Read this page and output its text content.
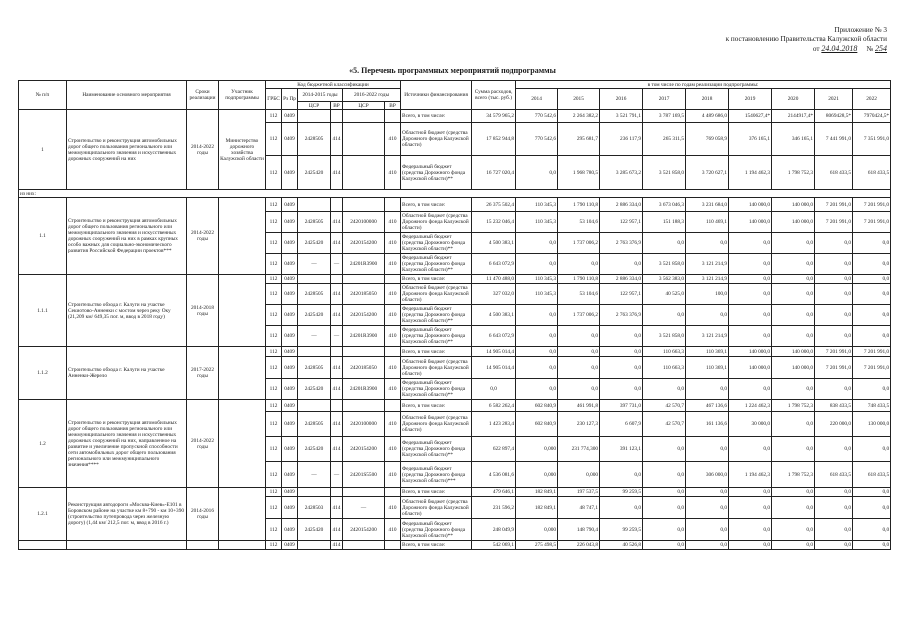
Приложение № 3
к постановлению Правительства Калужской области
от 24.04.2018 № 254
«5. Перечень программных мероприятий подпрограммы
№ п/п	Наименование основного мероприятия	Сроки реализации	Участник подпрограммы	Код бюджетной классификации						Источники финансирования	Сумма расходов, всего (тыс. руб.)	в том числе по годам реализации подпрограммы:								
				ГРБС	Рз Пр	2014-2015 годы		2016-2022 годы				2014	2015	2016	2017	2018	2019	2020	2021	2022
						ЦСР	ВР	ЦСР	ВР											
1	Строительство и реконструкция автомобильных дорог общего пользования регионального или межмуниципального значения и искусственных дорожных сооружений на них	2014-2022 годы	Министерство дорожного хозяйства Калужской области	112	0409					Всего, в том числе:	34 579 965,2	770 542,6	2 264 382,2	3 521 791,1	3 787 169,5	4 489 686,0	1540627,4*	2144917,4*	8069428,5*	7970424,5*
				112	0409	2428505	414		410	Областной бюджет (средства Дорожного фонда Калужской области)	17 852 944,8	770 542,6	295 681,7	236 117,9	265 311,5	769 058,9	376 165,1	346 165,1	7 441 991,0	7 351 991,0
				112	0409	2425420	414		410	Федеральный бюджет (средства Дорожного фонда Калужской области)**	16 727 020,4	0,0	1 968 780,5	3 285 673,2	3 521 858,0	3 720 627,1	1 194 462,3	1 798 752,3	618 433,5	618 433,5
из них:																				
1.1	Строительство и реконструкция автомобильных дорог общего пользования регионального или межмуниципального значения и искусственных дорожных сооружений на них в рамках крупных особо важных для социально-экономического развития Российской Федерации проектов***	2014-2022 годы		112	0409					Всего, в том числе:	26 375 502,4	110 345,3	1 790 110,8	2 886 334,0	3 673 046,3	3 231 684,0	140 000,0	140 000,0	7 201 991,0	7 201 991,0
				112	0409	2428505	414	2420100000	410	Областной бюджет (средства Дорожного фонда Калужской области)	15 232 046,4	110 345,3	53 104,6	122 957,1	151 188,3	110 469,1	140 000,0	140 000,0	7 201 991,0	7 201 991,0
				112	0409	2425420	414	2420154200	410	Федеральный бюджет (средства Дорожного фонда Калужской области)**	4 500 383,1	0,0	1 737 006,2	2 763 376,9	0,0	0,0	0,0	0,0	0,0	0,0
				112	0409	—	—	24201R3900	410	Федеральный бюджет (средства Дорожного фонда Калужской области)**	6 643 072,9	0,0	0,0	0,0	3 521 858,0	3 121 214,9	0,0	0,0	0,0	0,0
1.1.1	Строительство обхода г. Калуги на участке Секиотово-Анненки с мостом через реку Оку (21,209 км/ 649,35 пог. м, ввод в 2018 году)	2014-2018 годы		112	0409					Всего, в том числе:	11 470 488,0	110 345,3	1 790 110,8	2 886 334,0	3 562 383,0	3 121 214,9	0,0	0,0	0,0	0,0
				112	0409	2428505	414	2420185050	410	Областной бюджет (средства Дорожного фонда Калужской области)	327 032,0	110 345,3	53 104,6	122 957,1	40 525,0	100,0	0,0	0,0	0,0	0,0
				112	0409	2425420	414	2420154200	410	Федеральный бюджет (средства Дорожного фонда Калужской области)**	4 500 383,1	0,0	1 737 006,2	2 763 376,9	0,0	0,0	0,0	0,0	0,0	0,0
				112	0409	—	—	24201R3900	410	Федеральный бюджет (средства Дорожного фонда Калужской области)**	6 643 072,9	0,0	0,0	0,0	3 521 858,0	3 121 214,9	0,0	0,0	0,0	0,0
1.1.2	Строительство обхода г. Калуги на участке Анненки-Жерело	2017-2022 годы		112	0409					Всего, в том числе:	14 905 014,4	0,0	0,0	0,0	110 663,3	110 369,1	140 000,0	140 000,0	7 201 991,0	7 201 991,0
				112	0409	2428505	414	2420185050	410	Областной бюджет (средства Дорожного фонда Калужской области)	14 905 014,4	0,0	0,0	0,0	110 663,3	110 369,1	140 000,0	140 000,0	7 201 991,0	7 201 991,0
				112	0409	2425420	414	24201R3900	410	Федеральный бюджет (средства Дорожного фонда Калужской области)**	0,0	0,0	0,0	0,0	0,0	0,0	0,0	0,0	0,0	0,0
1.2	Строительство и реконструкция автомобильных дорог общего пользования регионального или межмуниципального значения и искусственных дорожных сооружений на них, направленное на развитие и увеличение пропускной способности сети автомобильных дорог общего пользования регионального или межмуниципального значения****	2014-2022 годы		112	0409					Всего, в том числе:	6 582 262,4	602 840,9	461 991,8	397 731,0	42 570,7	467 136,6	1 224 462,3	1 798 752,3	838 433,5	748 433,5
				112	0409	2428505	414	2420100000	410	Областной бюджет (средства Дорожного фонда Калужской области)	1 423 283,4	602 840,9	230 127,3	6 607,9	42 570,7	161 136,6	30 000,0	0,0	220 000,0	130 000,0
				112	0409	2425420	414	2420154200	410	Федеральный бюджет (средства Дорожного фонда Калужской области)**	622 897,4	0,000	231 774,300	391 123,1	0,0	0,0	0,0	0,0	0,0	0,0
				112	0409	—	—	24201S5500	410	Федеральный бюджет (средства Дорожного фонда Калужской области)***	4 536 081,6	0,000	0,000	0,0	0,0	306 000,0	1 194 462,3	1 798 752,3	618 433,5	618 433,5
1.2.1	Реконструкция автодороги «Москва-Киев»-Е101 в Боровском районе на участке км 8+790 - км 10+390 (строительство путепровода через железную дорогу) (1,44 км/ 212,5 пог. м, ввод в 2016 г.)	2014-2016 годы		112	0409					Всего, в том числе:	479 646,1	182 849,1	197 537,5	99 259,5	0,0	0,0	0,0	0,0	0,0	0,0
				112	0409	2428503	414	—	410	Областной бюджет (средства Дорожного фонда Калужской области)	231 596,2	182 849,1	48 747,1	0,0	0,0	0,0	0,0	0,0	0,0	0,0
				112	0409	2425420	414	2420154200	410	Федеральный бюджет (средства Дорожного фонда Калужской области)**	248 049,9	0,000	148 790,4	99 259,5	0,0	0,0	0,0	0,0	0,0	0,0
				112	0409		414			Всего, в том числе:	542 069,1	275 498,5	226 043,8	40 526,8	0,0	0,0	0,0	0,0	0,0	0,0
